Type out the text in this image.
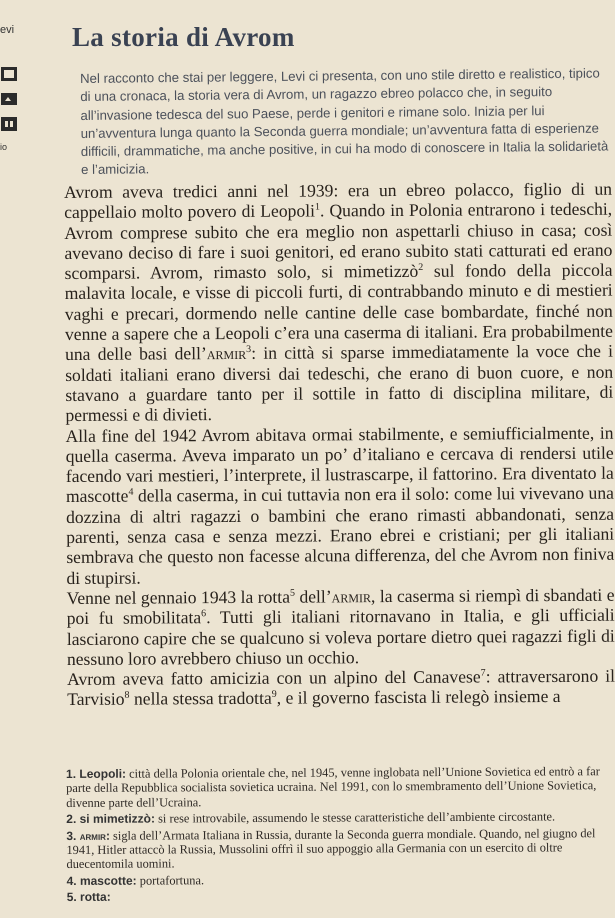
evi
io
La storia di Avrom

Nel racconto che stai per leggere, Levi ci presenta, con uno stile diretto e realistico, tipico di una cronaca, la storia vera di Avrom, un ragazzo ebreo polacco che, in seguito all’invasione tedesca del suo Paese, perde i genitori e rimane solo. Inizia per lui un’avventura lunga quanto la Seconda guerra mondiale; un’avventura fatta di esperienze difficili, drammatiche, ma anche positive, in cui ha modo di conoscere in Italia la solidarietà e l’amicizia.

Avrom aveva tredici anni nel 1939: era un ebreo polacco, figlio di un cappellaio molto povero di Leopoli$^1$. Quando in Polonia entrarono i tedeschi, Avrom comprese subito che era meglio non aspettarli chiuso in casa; così avevano deciso di fare i suoi genitori, ed erano subito stati catturati ed erano scomparsi. Avrom, rimasto solo, si mimetizzò$^2$ sul fondo della piccola malavita locale, e visse di piccoli furti, di contrabbando minuto e di mestieri vaghi e precari, dormendo nelle cantine delle case bombardate, finché non venne a sapere che a Leopoli c’era una caserma di italiani. Era probabilmente una delle basi dell’armir$^3$: in città si sparse immediatamente la voce che i soldati italiani erano diversi dai tedeschi, che erano di buon cuore, e non stavano a guardare tanto per il sottile in fatto di disciplina militare, di permessi e di divieti.

Alla fine del 1942 Avrom abitava ormai stabilmente, e semiufficialmente, in quella caserma. Aveva imparato un po’ d’italiano e cercava di rendersi utile facendo vari mestieri, l’interprete, il lustrascarpe, il fattorino. Era diventato la mascotte$^4$ della caserma, in cui tuttavia non era il solo: come lui vivevano una dozzina di altri ragazzi o bambini che erano rimasti abbandonati, senza parenti, senza casa e senza mezzi. Erano ebrei e cristiani; per gli italiani sembrava che questo non facesse alcuna differenza, del che Avrom non finiva di stupirsi.

Venne nel gennaio 1943 la rotta$^5$ dell’armir, la caserma si riempì di sbandati e poi fu smobilitata$^6$. Tutti gli italiani ritornavano in Italia, e gli ufficiali lasciarono capire che se qualcuno si voleva portare dietro quei ragazzi figli di nessuno loro avrebbero chiuso un occhio.

Avrom aveva fatto amicizia con un alpino del Canavese$^7$: attraversarono il Tarvisio$^8$ nella stessa tradotta$^9$, e il governo fascista li relegò insieme a

1. Leopoli: città della Polonia orientale che, nel 1945, venne inglobata nell’Unione Sovietica ed entrò a far parte della Repubblica socialista sovietica ucraina. Nel 1991, con lo smembramento dell’Unione Sovietica, divenne parte dell’Ucraina.

2. si mimetizzò: si rese introvabile, assumendo le stesse caratteristiche dell’ambiente circostante.

3. armir: sigla dell’Armata Italiana in Russia, durante la Seconda guerra mondiale. Quando, nel giugno del 1941, Hitler attaccò la Russia, Mussolini offrì il suo appoggio alla Germania con un esercito di oltre duecentomila uomini.

4. mascotte: portafortuna.

5. rotta:
